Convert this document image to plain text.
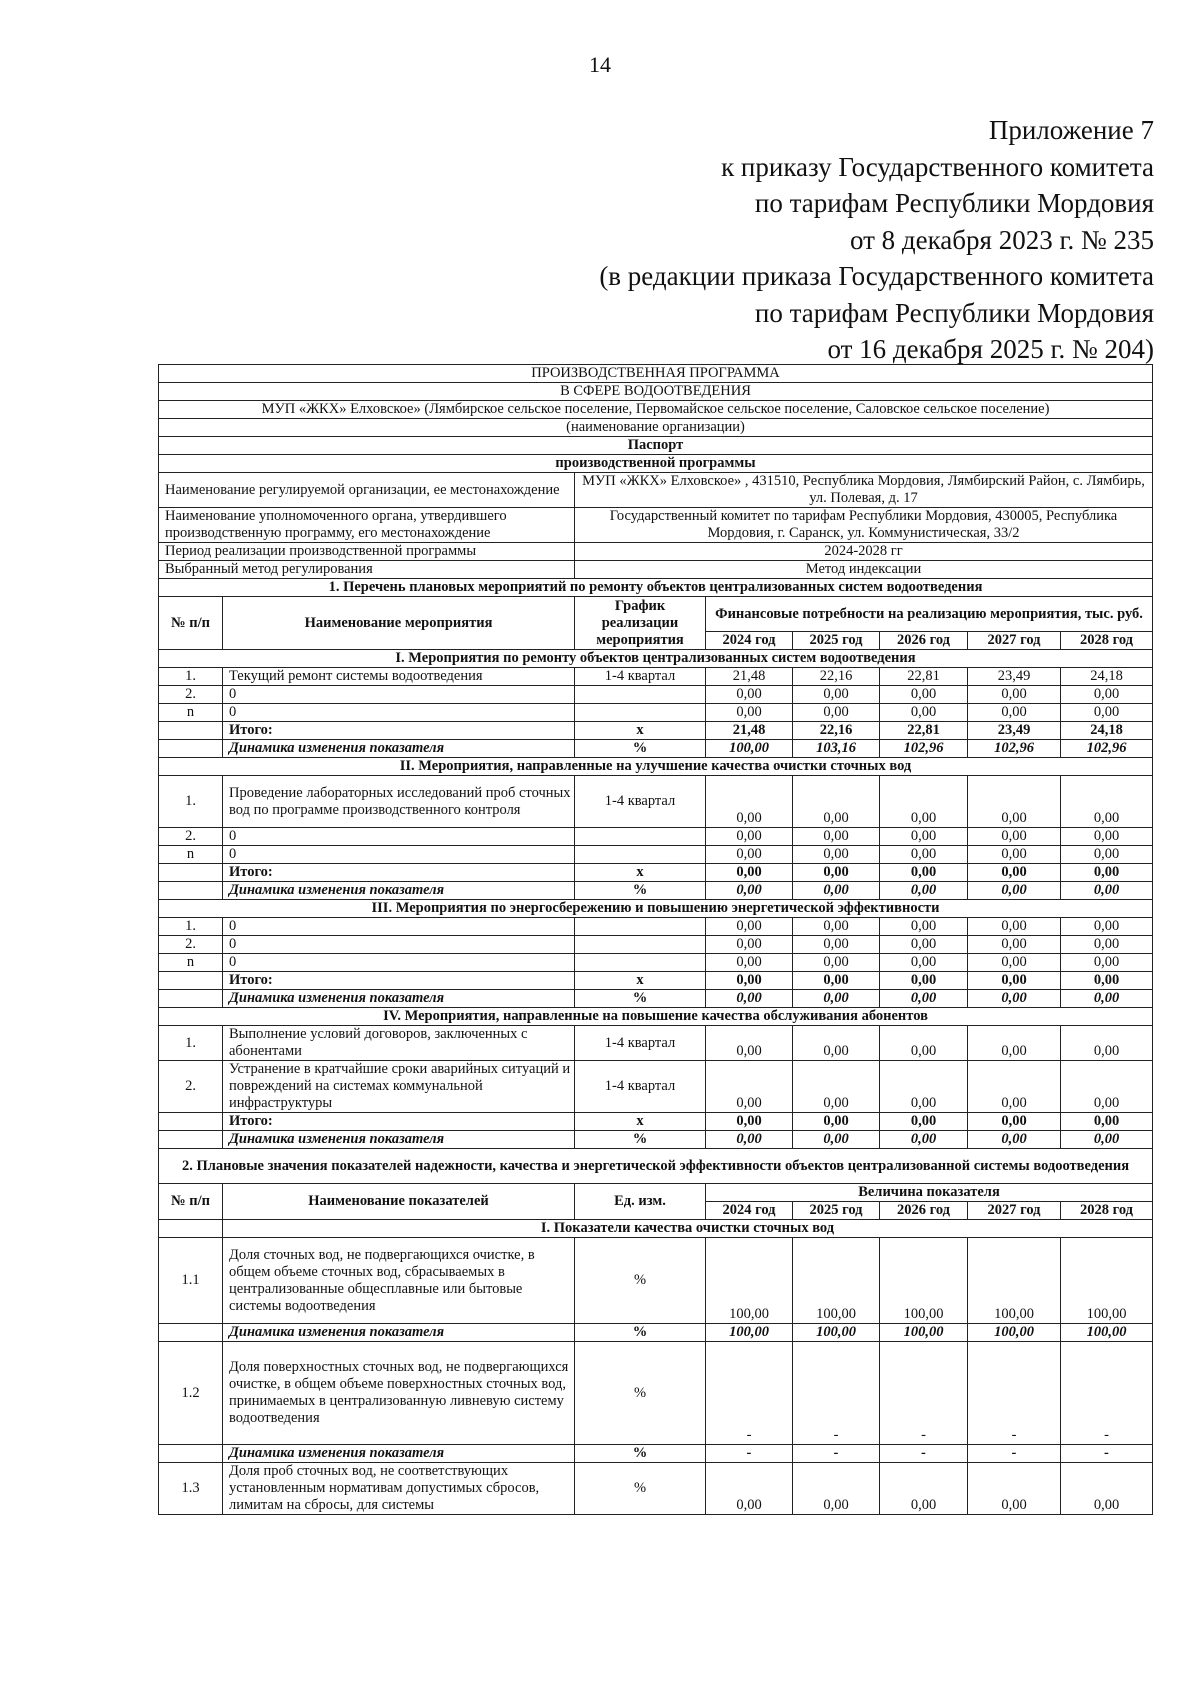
14
Приложение 7
к приказу Государственного комитета
по тарифам Республики Мордовия
от 8 декабря 2023 г. № 235
(в редакции приказа Государственного комитета
по тарифам Республики Мордовия
от 16 декабря 2025 г. № 204)
ПРОИЗВОДСТВЕННАЯ ПРОГРАММА							
В СФЕРЕ ВОДООТВЕДЕНИЯ							
МУП «ЖКХ» Елховское» (Лямбирское сельское поселение, Первомайское сельское поселение, Саловское сельское поселение)							
(наименование организации)							
Паспорт							
производственной программы							
Наименование регулируемой организации, ее местонахождение		МУП «ЖКХ» Елховское» , 431510, Республика Мордовия, Лямбирский Район, с. Лямбирь, ул. Полевая, д. 17					
Наименование уполномоченного органа, утвердившего производственную программу, его местонахождение		Государственный комитет по тарифам Республики Мордовия, 430005, Республика Мордовия, г. Саранск, ул. Коммунистическая, 33/2					
Период реализации производственной программы		2024-2028 гг					
Выбранный метод регулирования		Метод индексации					
1. Перечень плановых мероприятий по ремонту объектов централизованных систем водоотведения							
№ п/п	Наименование мероприятия	График реализации мероприятия	Финансовые потребности на реализацию мероприятия, тыс. руб.				
			2024 год	2025 год	2026 год	2027 год	2028 год
I. Мероприятия по ремонту объектов централизованных систем водоотведения							
1.	Текущий ремонт системы водоотведения	1-4 квартал	21,48	22,16	22,81	23,49	24,18
2.	0		0,00	0,00	0,00	0,00	0,00
n	0		0,00	0,00	0,00	0,00	0,00
	Итого:	х	21,48	22,16	22,81	23,49	24,18
	Динамика изменения показателя	%	100,00	103,16	102,96	102,96	102,96
II. Мероприятия, направленные на улучшение качества очистки сточных вод							
1.	Проведение лабораторных исследований проб сточных вод по программе производственного контроля	1-4 квартал	0,00	0,00	0,00	0,00	0,00
2.	0		0,00	0,00	0,00	0,00	0,00
n	0		0,00	0,00	0,00	0,00	0,00
	Итого:	х	0,00	0,00	0,00	0,00	0,00
	Динамика изменения показателя	%	0,00	0,00	0,00	0,00	0,00
III. Мероприятия по энергосбережению и повышению энергетической эффективности							
1.	0		0,00	0,00	0,00	0,00	0,00
2.	0		0,00	0,00	0,00	0,00	0,00
n	0		0,00	0,00	0,00	0,00	0,00
	Итого:	х	0,00	0,00	0,00	0,00	0,00
	Динамика изменения показателя	%	0,00	0,00	0,00	0,00	0,00
IV. Мероприятия, направленные на повышение качества обслуживания абонентов							
1.	Выполнение условий договоров, заключенных с абонентами	1-4 квартал	0,00	0,00	0,00	0,00	0,00
2.	Устранение в кратчайшие сроки аварийных ситуаций и повреждений на системах коммунальной инфраструктуры	1-4 квартал	0,00	0,00	0,00	0,00	0,00
	Итого:	х	0,00	0,00	0,00	0,00	0,00
	Динамика изменения показателя	%	0,00	0,00	0,00	0,00	0,00
2. Плановые значения показателей надежности, качества и энергетической эффективности объектов централизованной системы водоотведения							
№ п/п	Наименование показателей	Ед. изм.	Величина показателя				
			2024 год	2025 год	2026 год	2027 год	2028 год
	I. Показатели качества очистки сточных вод						
1.1	Доля сточных вод, не подвергающихся очистке, в общем объеме сточных вод, сбрасываемых в централизованные общесплавные или бытовые системы водоотведения	%	100,00	100,00	100,00	100,00	100,00
	Динамика изменения показателя	%	100,00	100,00	100,00	100,00	100,00
1.2	Доля поверхностных сточных вод, не подвергающихся очистке, в общем объеме поверхностных сточных вод, принимаемых в централизованную ливневую систему водоотведения	%	-	-	-	-	-
	Динамика изменения показателя	%	-	-	-	-	-
1.3	Доля проб сточных вод, не соответствующих установленным нормативам допустимых сбросов, лимитам на сбросы, для системы	%	0,00	0,00	0,00	0,00	0,00
